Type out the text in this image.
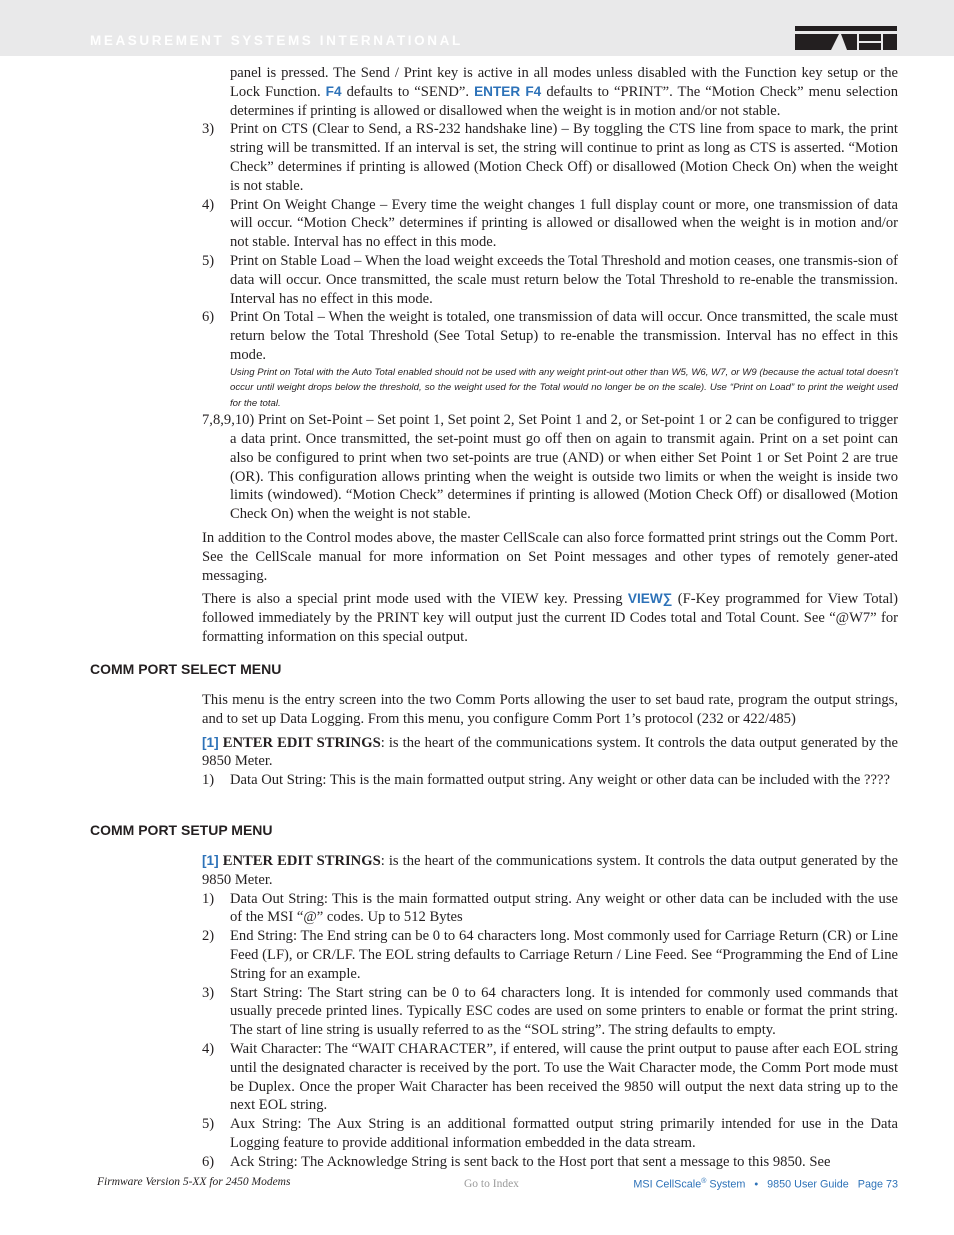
MEASUREMENT SYSTEMS INTERNATIONAL

panel is pressed. The Send / Print key is active in all modes unless disabled with the Function key setup or the Lock Function. F4 defaults to “SEND”. ENTER F4 defaults to “PRINT”. The “Motion Check” menu selection determines if printing is allowed or disallowed when the weight is in motion and/or not stable.

3) Print on CTS (Clear to Send, a RS-232 handshake line) – By toggling the CTS line from space to mark, the print string will be transmitted. If an interval is set, the string will continue to print as long as CTS is asserted. “Motion Check” determines if printing is allowed (Motion Check Off) or disallowed (Motion Check On) when the weight is not stable.
4) Print On Weight Change – Every time the weight changes 1 full display count or more, one transmission of data will occur. “Motion Check” determines if printing is allowed or disallowed when the weight is in motion and/or not stable. Interval has no effect in this mode.
5) Print on Stable Load – When the load weight exceeds the Total Threshold and motion ceases, one transmis-sion of data will occur. Once transmitted, the scale must return below the Total Threshold to re-enable the transmission. Interval has no effect in this mode.
6) Print On Total – When the weight is totaled, one transmission of data will occur. Once transmitted, the scale must return below the Total Threshold (See Total Setup) to re-enable the transmission. Interval has no effect in this mode.
Using Print on Total with the Auto Total enabled should not be used with any weight print-out other than W5, W6, W7, or W9 (because the actual total doesn’t occur until weight drops below the threshold, so the weight used for the Total would no longer be on the scale). Use “Print on Load” to print the weight used for the total.
7,8,9,10) Print on Set-Point – Set point 1, Set point 2, Set Point 1 and 2, or Set-point 1 or 2 can be configured to trigger a data print. Once transmitted, the set-point must go off then on again to transmit again. Print on a set point can also be configured to print when two set-points are true (AND) or when either Set Point 1 or Set Point 2 are true (OR). This configuration allows printing when the weight is outside two limits or when the weight is inside two limits (windowed). “Motion Check” determines if printing is allowed (Motion Check Off) or disallowed (Motion Check On) when the weight is not stable.

In addition to the Control modes above, the master CellScale can also force formatted print strings out the Comm Port. See the CellScale manual for more information on Set Point messages and other types of remotely gener-ated messaging.

There is also a special print mode used with the VIEW key. Pressing VIEW∑ (F-Key programmed for View Total) followed immediately by the PRINT key will output just the current ID Codes total and Total Count. See “@W7” for formatting information on this special output.

COMM PORT SELECT MENU

This menu is the entry screen into the two Comm Ports allowing the user to set baud rate, program the output strings, and to set up Data Logging. From this menu, you configure Comm Port 1’s protocol (232 or 422/485)

[1] ENTER EDIT STRINGS: is the heart of the communications system. It controls the data output generated by the 9850 Meter.

1) Data Out String: This is the main formatted output string. Any weight or other data can be included with the ????
COMM PORT SETUP MENU

[1] ENTER EDIT STRINGS: is the heart of the communications system. It controls the data output generated by the 9850 Meter.

1) Data Out String: This is the main formatted output string. Any weight or other data can be included with the use of the MSI “@” codes. Up to 512 Bytes
2) End String: The End string can be 0 to 64 characters long. Most commonly used for Carriage Return (CR) or Line Feed (LF), or CR/LF. The EOL string defaults to Carriage Return / Line Feed. See “Programming the End of Line String for an example.
3) Start String: The Start string can be 0 to 64 characters long. It is intended for commonly used commands that usually precede printed lines. Typically ESC codes are used on some printers to enable or format the print string. The start of line string is usually referred to as the “SOL string”. The string defaults to empty.
4) Wait Character: The “WAIT CHARACTER”, if entered, will cause the print output to pause after each EOL string until the designated character is received by the port. To use the Wait Character mode, the Comm Port mode must be Duplex. Once the proper Wait Character has been received the 9850 will output the next data string up to the next EOL string.
5) Aux String: The Aux String is an additional formatted output string primarily intended for use in the Data Logging feature to provide additional information embedded in the data stream.
6) Ack String: The Acknowledge String is sent back to the Host port that sent a message to this 9850. See
Firmware Version 5-XX for 2450 Modems	Go to Index	MSI CellScale® System   •   9850 User Guide   Page 73
